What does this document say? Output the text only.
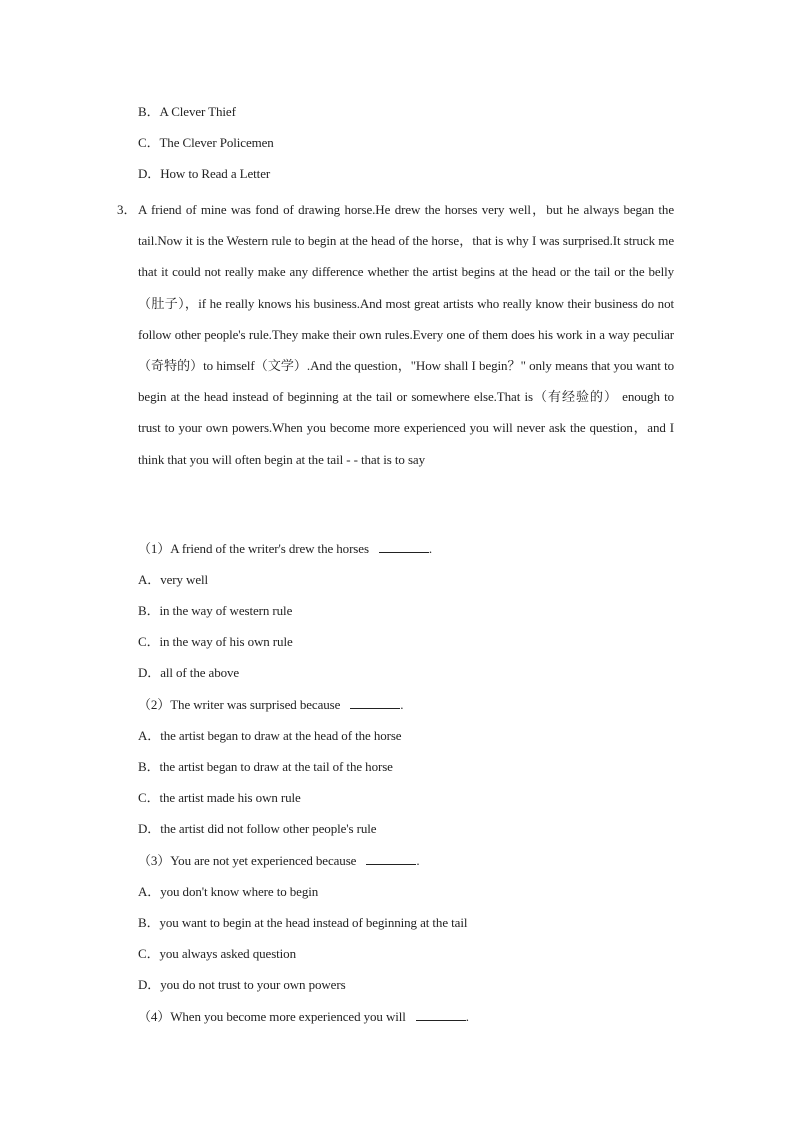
B．A Clever Thief
C．The Clever Policemen
D．How to Read a Letter
3． A friend of mine was fond of drawing horse.He drew the horses very well，but he always began the tail.Now it is the Western rule to begin at the head of the horse，that is why I was surprised.It struck me that it could not really make any difference whether the artist begins at the head or the tail or the belly（肚子），if he really knows his business.And most great artists who really know their business do not follow other people's rule.They make their own rules.Every one of them does his work in a way peculiar（奇特的）to himself（文学）.And the question，"How shall I begin？" only means that you want to begin at the head instead of beginning at the tail or somewhere else.That is（有经验的） enough to trust to your own powers.When you become more experienced you will never ask the question，and I think that you will often begin at the tail - - that is to say
（1）A friend of the writer's drew the horses	.
A．very well
B．in the way of western rule
C．in the way of his own rule
D．all of the above
（2）The writer was surprised because	.
A．the artist began to draw at the head of the horse
B．the artist began to draw at the tail of the horse
C．the artist made his own rule
D．the artist did not follow other people's rule
（3）You are not yet experienced because	.
A．you don't know where to begin
B．you want to begin at the head instead of beginning at the tail
C．you always asked question
D．you do not trust to your own powers
（4）When you become more experienced you will	.
